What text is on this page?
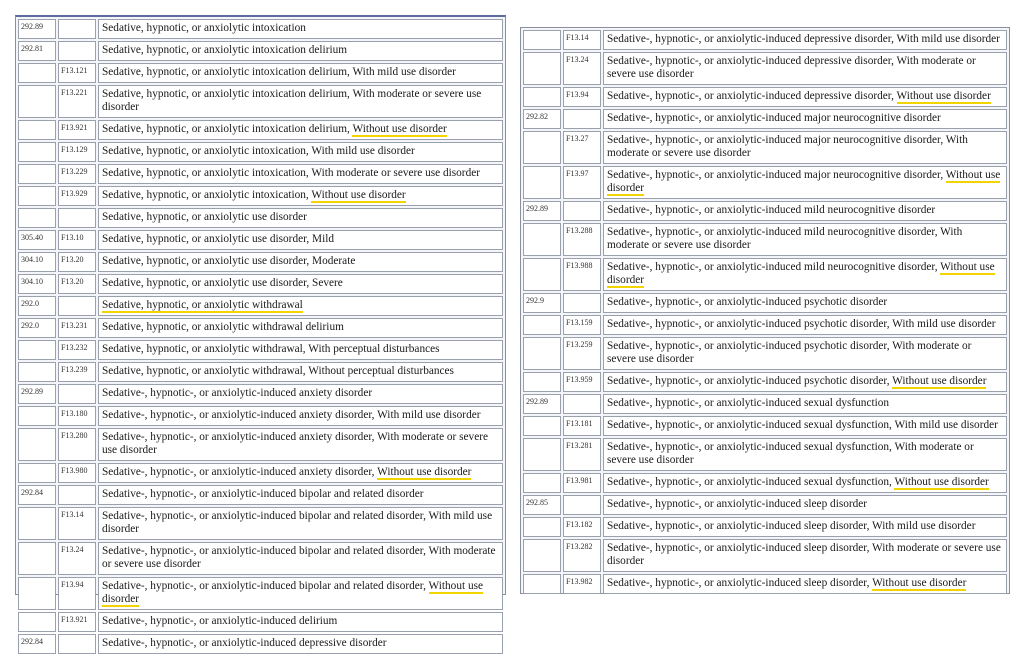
292.89		Sedative, hypnotic, or anxiolytic intoxication
292.81		Sedative, hypnotic, or anxiolytic intoxication delirium
	F13.121	Sedative, hypnotic, or anxiolytic intoxication delirium, With mild use disorder
	F13.221	Sedative, hypnotic, or anxiolytic intoxication delirium, With moderate or severe use disorder
	F13.921	Sedative, hypnotic, or anxiolytic intoxication delirium, Without use disorder
	F13.129	Sedative, hypnotic, or anxiolytic intoxication, With mild use disorder
	F13.229	Sedative, hypnotic, or anxiolytic intoxication, With moderate or severe use disorder
	F13.929	Sedative, hypnotic, or anxiolytic intoxication, Without use disorder
		Sedative, hypnotic, or anxiolytic use disorder
305.40	F13.10	Sedative, hypnotic, or anxiolytic use disorder, Mild
304.10	F13.20	Sedative, hypnotic, or anxiolytic use disorder, Moderate
304.10	F13.20	Sedative, hypnotic, or anxiolytic use disorder, Severe
292.0		Sedative, hypnotic, or anxiolytic withdrawal
292.0	F13.231	Sedative, hypnotic, or anxiolytic withdrawal delirium
	F13.232	Sedative, hypnotic, or anxiolytic withdrawal, With perceptual disturbances
	F13.239	Sedative, hypnotic, or anxiolytic withdrawal, Without perceptual disturbances
292.89		Sedative-, hypnotic-, or anxiolytic-induced anxiety disorder
	F13.180	Sedative-, hypnotic-, or anxiolytic-induced anxiety disorder, With mild use disorder
	F13.280	Sedative-, hypnotic-, or anxiolytic-induced anxiety disorder, With moderate or severe use disorder
	F13.980	Sedative-, hypnotic-, or anxiolytic-induced anxiety disorder, Without use disorder
292.84		Sedative-, hypnotic-, or anxiolytic-induced bipolar and related disorder
	F13.14	Sedative-, hypnotic-, or anxiolytic-induced bipolar and related disorder, With mild use disorder
	F13.24	Sedative-, hypnotic-, or anxiolytic-induced bipolar and related disorder, With moderate or severe use disorder
	F13.94	Sedative-, hypnotic-, or anxiolytic-induced bipolar and related disorder, Without use disorder
	F13.921	Sedative-, hypnotic-, or anxiolytic-induced delirium
292.84		Sedative-, hypnotic-, or anxiolytic-induced depressive disorder
	F13.14	Sedative-, hypnotic-, or anxiolytic-induced depressive disorder, With mild use disorder
	F13.24	Sedative-, hypnotic-, or anxiolytic-induced depressive disorder, With moderate or severe use disorder
	F13.94	Sedative-, hypnotic-, or anxiolytic-induced depressive disorder, Without use disorder
292.82		Sedative-, hypnotic-, or anxiolytic-induced major neurocognitive disorder
	F13.27	Sedative-, hypnotic-, or anxiolytic-induced major neurocognitive disorder, With moderate or severe use disorder
	F13.97	Sedative-, hypnotic-, or anxiolytic-induced major neurocognitive disorder, Without use disorder
292.89		Sedative-, hypnotic-, or anxiolytic-induced mild neurocognitive disorder
	F13.288	Sedative-, hypnotic-, or anxiolytic-induced mild neurocognitive disorder, With moderate or severe use disorder
	F13.988	Sedative-, hypnotic-, or anxiolytic-induced mild neurocognitive disorder, Without use disorder
292.9		Sedative-, hypnotic-, or anxiolytic-induced psychotic disorder
	F13.159	Sedative-, hypnotic-, or anxiolytic-induced psychotic disorder, With mild use disorder
	F13.259	Sedative-, hypnotic-, or anxiolytic-induced psychotic disorder, With moderate or severe use disorder
	F13.959	Sedative-, hypnotic-, or anxiolytic-induced psychotic disorder, Without use disorder
292.89		Sedative-, hypnotic-, or anxiolytic-induced sexual dysfunction
	F13.181	Sedative-, hypnotic-, or anxiolytic-induced sexual dysfunction, With mild use disorder
	F13.281	Sedative-, hypnotic-, or anxiolytic-induced sexual dysfunction, With moderate or severe use disorder
	F13.981	Sedative-, hypnotic-, or anxiolytic-induced sexual dysfunction, Without use disorder
292.85		Sedative-, hypnotic-, or anxiolytic-induced sleep disorder
	F13.182	Sedative-, hypnotic-, or anxiolytic-induced sleep disorder, With mild use disorder
	F13.282	Sedative-, hypnotic-, or anxiolytic-induced sleep disorder, With moderate or severe use disorder
	F13.982	Sedative-, hypnotic-, or anxiolytic-induced sleep disorder, Without use disorder
